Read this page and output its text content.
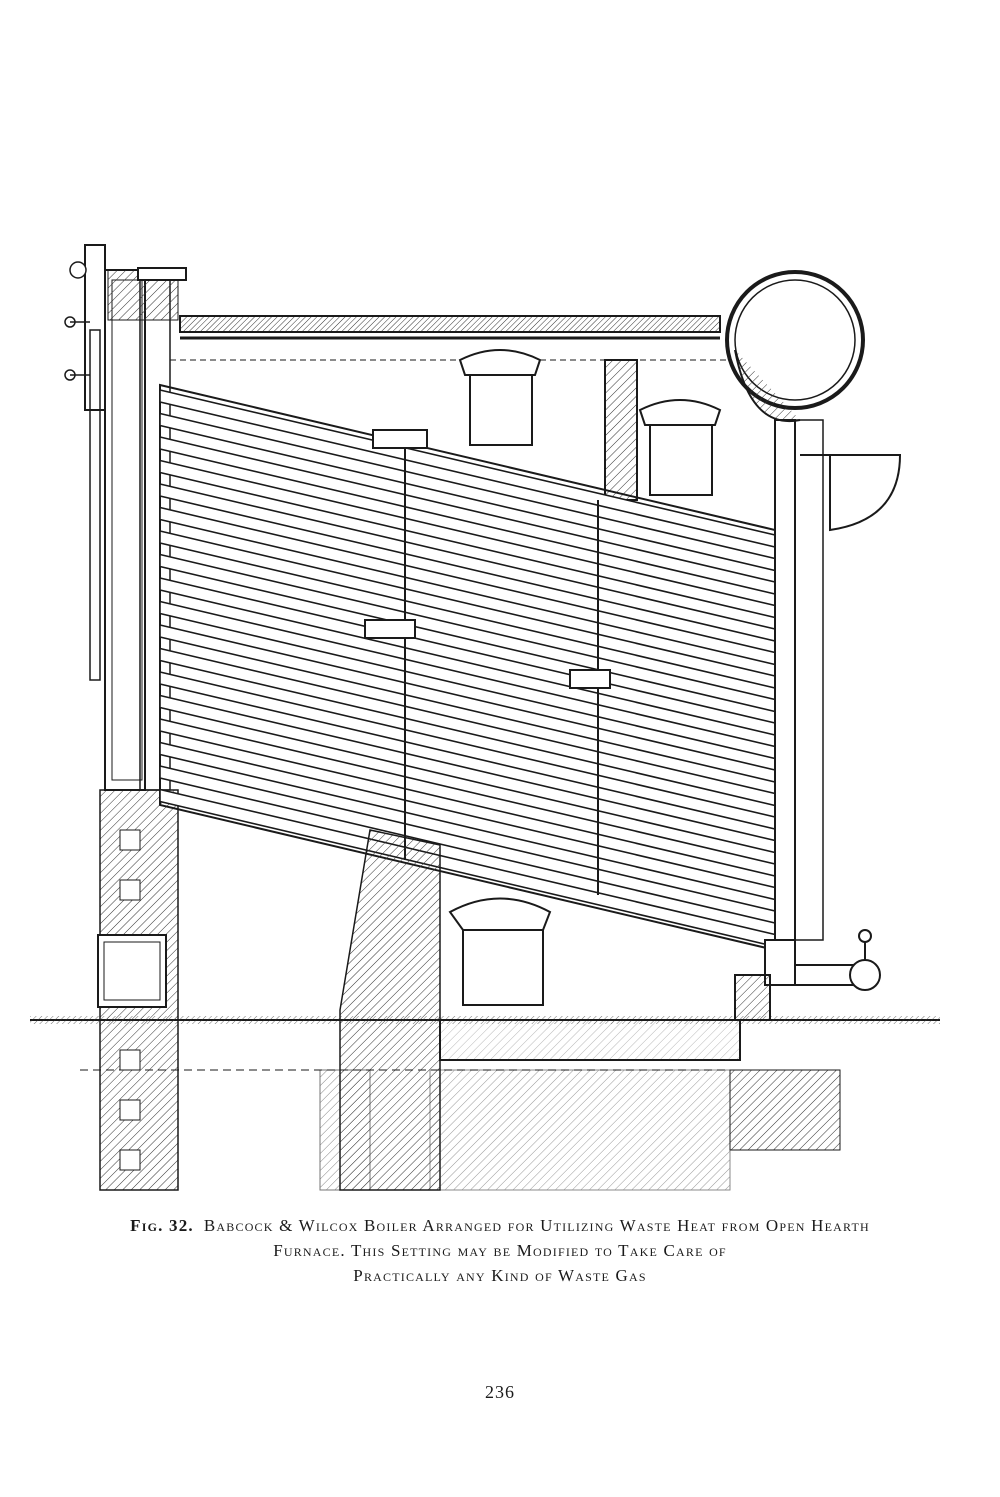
Fig. 32. Babcock & Wilcox Boiler Arranged for Utilizing Waste Heat from Open Hearth
Furnace. This Setting may be Modified to Take Care of
Practically any Kind of Waste Gas
236
